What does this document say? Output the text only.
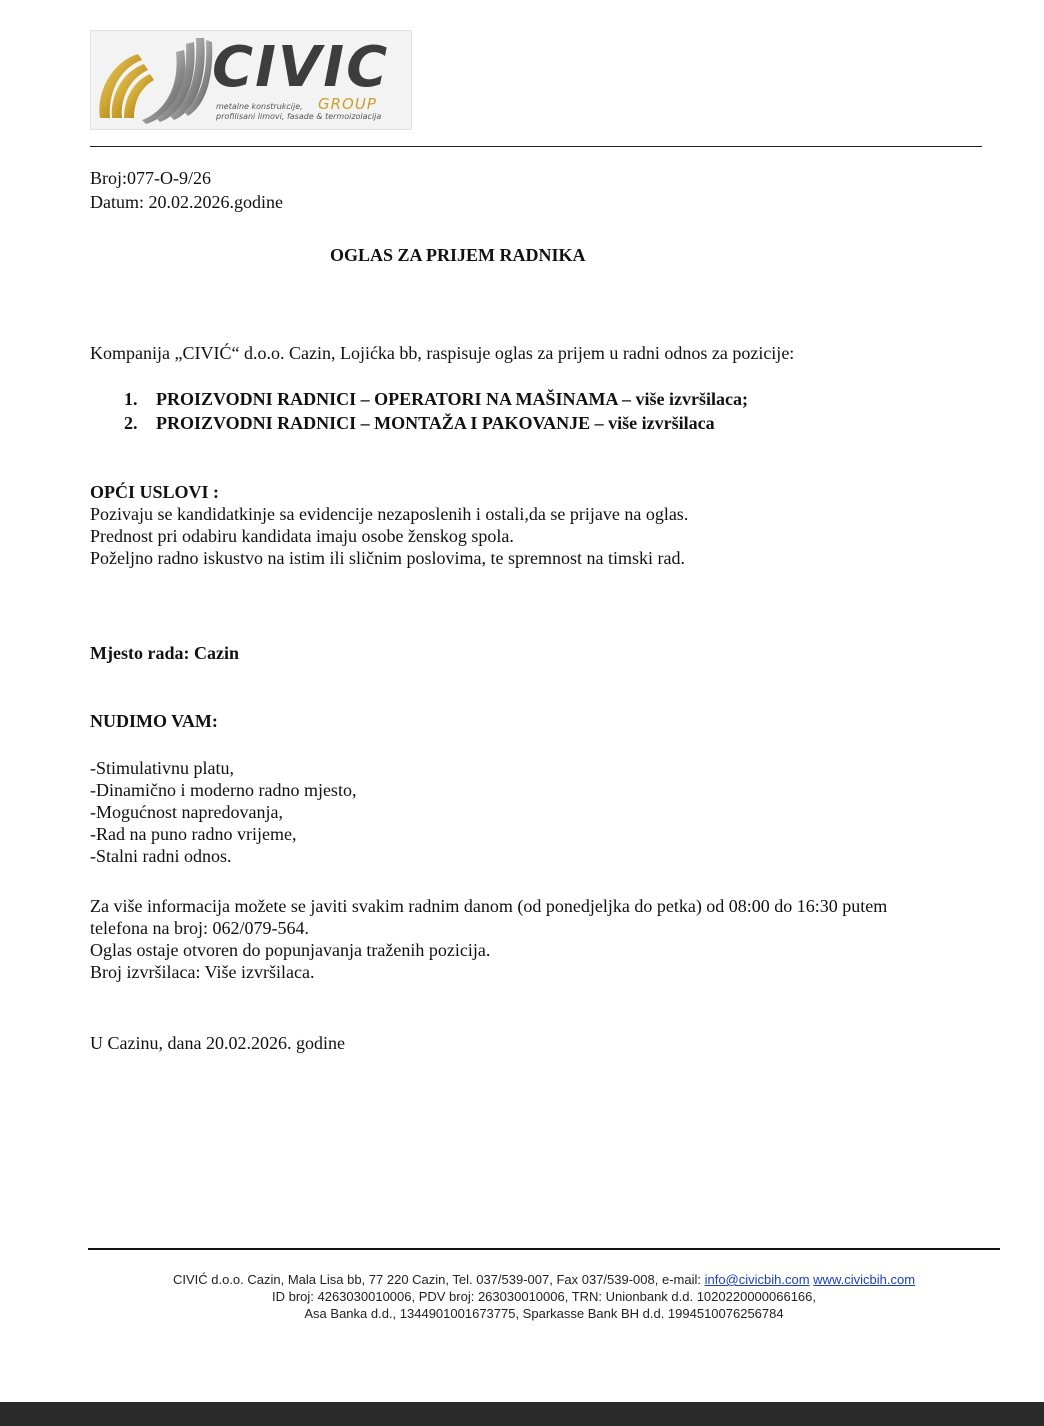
CIVIC
GROUP
metalne konstrukcije,
profilisani limovi, fasade & termoizolacija
Broj:077-O-9/26
Datum: 20.02.2026.godine
OGLAS ZA PRIJEM RADNIKA
Kompanija „CIVIĆ“ d.o.o. Cazin, Lojićka bb, raspisuje oglas za prijem u radni odnos za pozicije:
1. PROIZVODNI RADNICI – OPERATORI NA MAŠINAMA – više izvršilaca;
2. PROIZVODNI RADNICI – MONTAŽA I PAKOVANJE – više izvršilaca

OPĆI USLOVI :

Pozivaju se kandidatkinje sa evidencije nezaposlenih i ostali,da se prijave na oglas.

Prednost pri odabiru kandidata imaju osobe ženskog spola.

Poželjno radno iskustvo na istim ili sličnim poslovima, te spremnost na timski rad.

Mjesto rada: Cazin
NUDIMO VAM:

-Stimulativnu platu,

-Dinamično i moderno radno mjesto,

-Mogućnost napredovanja,

-Rad na puno radno vrijeme,

-Stalni radni odnos.

Za više informacija možete se javiti svakim radnim danom (od ponedjeljka do petka) od 08:00 do 16:30 putem

telefona na broj: 062/079-564.

Oglas ostaje otvoren do popunjavanja traženih pozicija.

Broj izvršilaca: Više izvršilaca.

U Cazinu, dana 20.02.2026. godine
CIVIĆ d.o.o. Cazin, Mala Lisa bb, 77 220 Cazin, Tel. 037/539-007, Fax 037/539-008, e-mail: info@civicbih.com www.civicbih.com
ID broj: 4263030010006, PDV broj: 263030010006, TRN: Unionbank d.d. 1020220000066166,
Asa Banka d.d., 1344901001673775, Sparkasse Bank BH d.d. 1994510076256784
